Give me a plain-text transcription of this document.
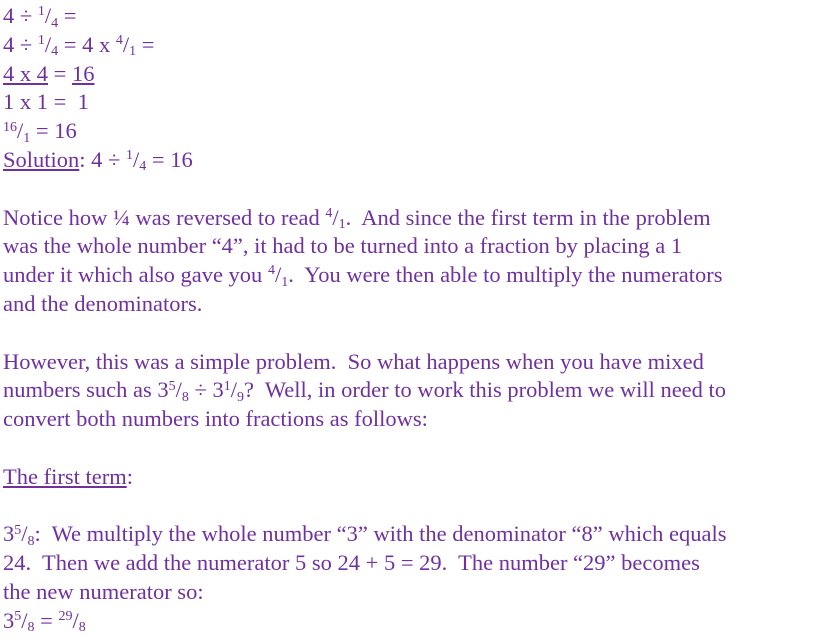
$4 \div ^1/_4$ =
$4 \div ^1/_4 = 4$ x $^4/_1$ =
4 x 4 = 16
1 x 1 =  1
$^{16}/_1 = 16$
Solution: $4 \div ^1/_4 = 16$
Notice how ¼ was reversed to read $^4/_1$.  And since the first term in the problem
was the whole number “4”, it had to be turned into a fraction by placing a 1
under it which also gave you $^4/_1$.  You were then able to multiply the numerators
and the denominators.
However, this was a simple problem.  So what happens when you have mixed
numbers such as $3^5/_8 \div 3^1/_9$?  Well, in order to work this problem we will need to
convert both numbers into fractions as follows:
The first term:
$3^5/_8$:  We multiply the whole number “3” with the denominator “8” which equals
24.  Then we add the numerator 5 so 24 + 5 = 29.  The number “29” becomes
the new numerator so:
$3^5/_8 = ^{29}/_8$
